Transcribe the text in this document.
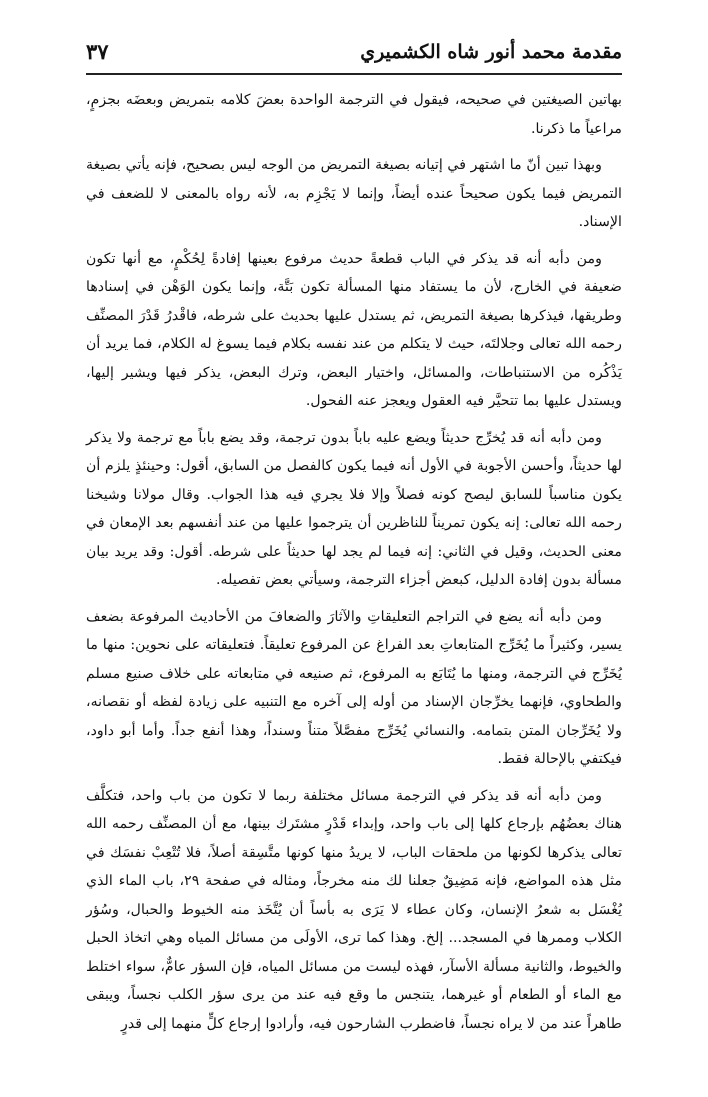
مقدمة محمد أنور شاه الكشميري
٣٧

بهاتين الصيغتين في صحيحه، فيقول في الترجمة الواحدة بعضَ كلامه بتمريض وبعضَه بجزمٍ، مراعياً ما ذكرنا.

وبهذا تبين أنّ ما اشتهر في إتيانه بصيغة التمريض من الوجه ليس بصحيح، فإنه يأتي بصيغة التمريض فيما يكون صحيحاً عنده أيضاً، وإنما لا يَجْزِم به، لأنه رواه بالمعنى لا للضعف في الإسناد.

ومن دأبه أنه قد يذكر في الباب قطعةً حديث مرفوع بعينها إفادةً لِحُكْمٍ، مع أنها تكون ضعيفة في الخارج، لأن ما يستفاد منها المسألة تكون بَتَّة، وإنما يكون الوَهْن في إسنادها وطريقها، فيذكرها بصيغة التمريض، ثم يستدل عليها بحديث على شرطه، فاقْدرُ قَدْرَ المصنِّف رحمه الله تعالى وجلالتَه، حيث لا يتكلم من عند نفسه بكلام فيما يسوغ له الكلام، فما يريد أن يَذْكُره من الاستنباطات، والمسائل، واختيار البعض، وترك البعض، يذكر فيها ويشير إليها، ويستدل عليها بما تتحيَّر فيه العقول ويعجز عنه الفحول.

ومن دأبه أنه قد يُخرِّج حديثاً ويضع عليه باباً بدون ترجمة، وقد يضع باباً مع ترجمة ولا يذكر لها حديثاً، وأحسن الأجوبة في الأول أنه فيما يكون كالفصل من السابق، أقول: وحينئذٍ يلزم أن يكون مناسباً للسابق ليصح كونه فصلاً وإلا فلا يجري فيه هذا الجواب. وقال مولانا وشيخنا رحمه الله تعالى: إنه يكون تمريناً للناظرين أن يترجموا عليها من عند أنفسهم بعد الإمعان في معنى الحديث، وقيل في الثاني: إنه فيما لم يجد لها حديثاً على شرطه. أقول: وقد يريد بيان مسألة بدون إفادة الدليل، كبعض أجزاء الترجمة، وسيأتي بعض تفصيله.

ومن دأبه أنه يضع في التراجم التعليقاتِ والآثارَ والضعافَ من الأحاديث المرفوعة بضعف يسير، وكثيراً ما يُخَرِّج المتابعاتِ بعد الفراغ عن المرفوع تعليقاً. فتعليقاته على نحوين: منها ما يُخَرِّج في الترجمة، ومنها ما يُتَابَع به المرفوع، ثم صنيعه في متابعاته على خلاف صنيع مسلم والطحاوي، فإنهما يخرِّجان الإسناد من أوله إلى آخره مع التنبيه على زيادة لفظه أو نقصانه، ولا يُخَرِّجان المتن بتمامه. والنسائي يُخَرِّج مفصَّلاً متناً وسنداً، وهذا أنفع جداً. وأما أبو داود، فيكتفي بالإحالة فقط.

ومن دأبه أنه قد يذكر في الترجمة مسائل مختلفة ربما لا تكون من باب واحد، فتكلَّف هناك بعضُهُم بإرجاع كلها إلى باب واحد، وإبداء قَدْرٍ مشتَرك بينها، مع أن المصنِّف رحمه الله تعالى يذكرها لكونها من ملحقات الباب، لا يريدُ منها كونها متَّسِقة أصلاً، فلا تُتْعِبْ نفسَك في مثل هذه المواضع، فإنه مَضِيقٌ جعلنا لك منه مخرجاً، ومثاله في صفحة ٢٩، باب الماء الذي يُغْسَل به شعرُ الإنسان، وكان عطاء لا يَرَى به بأساً أن يُتَّخَذ منه الخيوط والحبال، وسُؤر الكلاب وممرها في المسجد... إلخ. وهذا كما ترى، الأولَى من مسائل المياه وهي اتخاذ الحبل والخيوط، والثانية مسألة الأسآر، فهذه ليست من مسائل المياه، فإن السؤر عامٌّ، سواء اختلط مع الماء أو الطعام أو غيرهما، يتنجس ما وقع فيه عند من يرى سؤر الكلب نجساً، ويبقى طاهراً عند من لا يراه نجساً، فاضطرب الشارحون فيه، وأرادوا إرجاع كلٍّ منهما إلى قدرٍ
